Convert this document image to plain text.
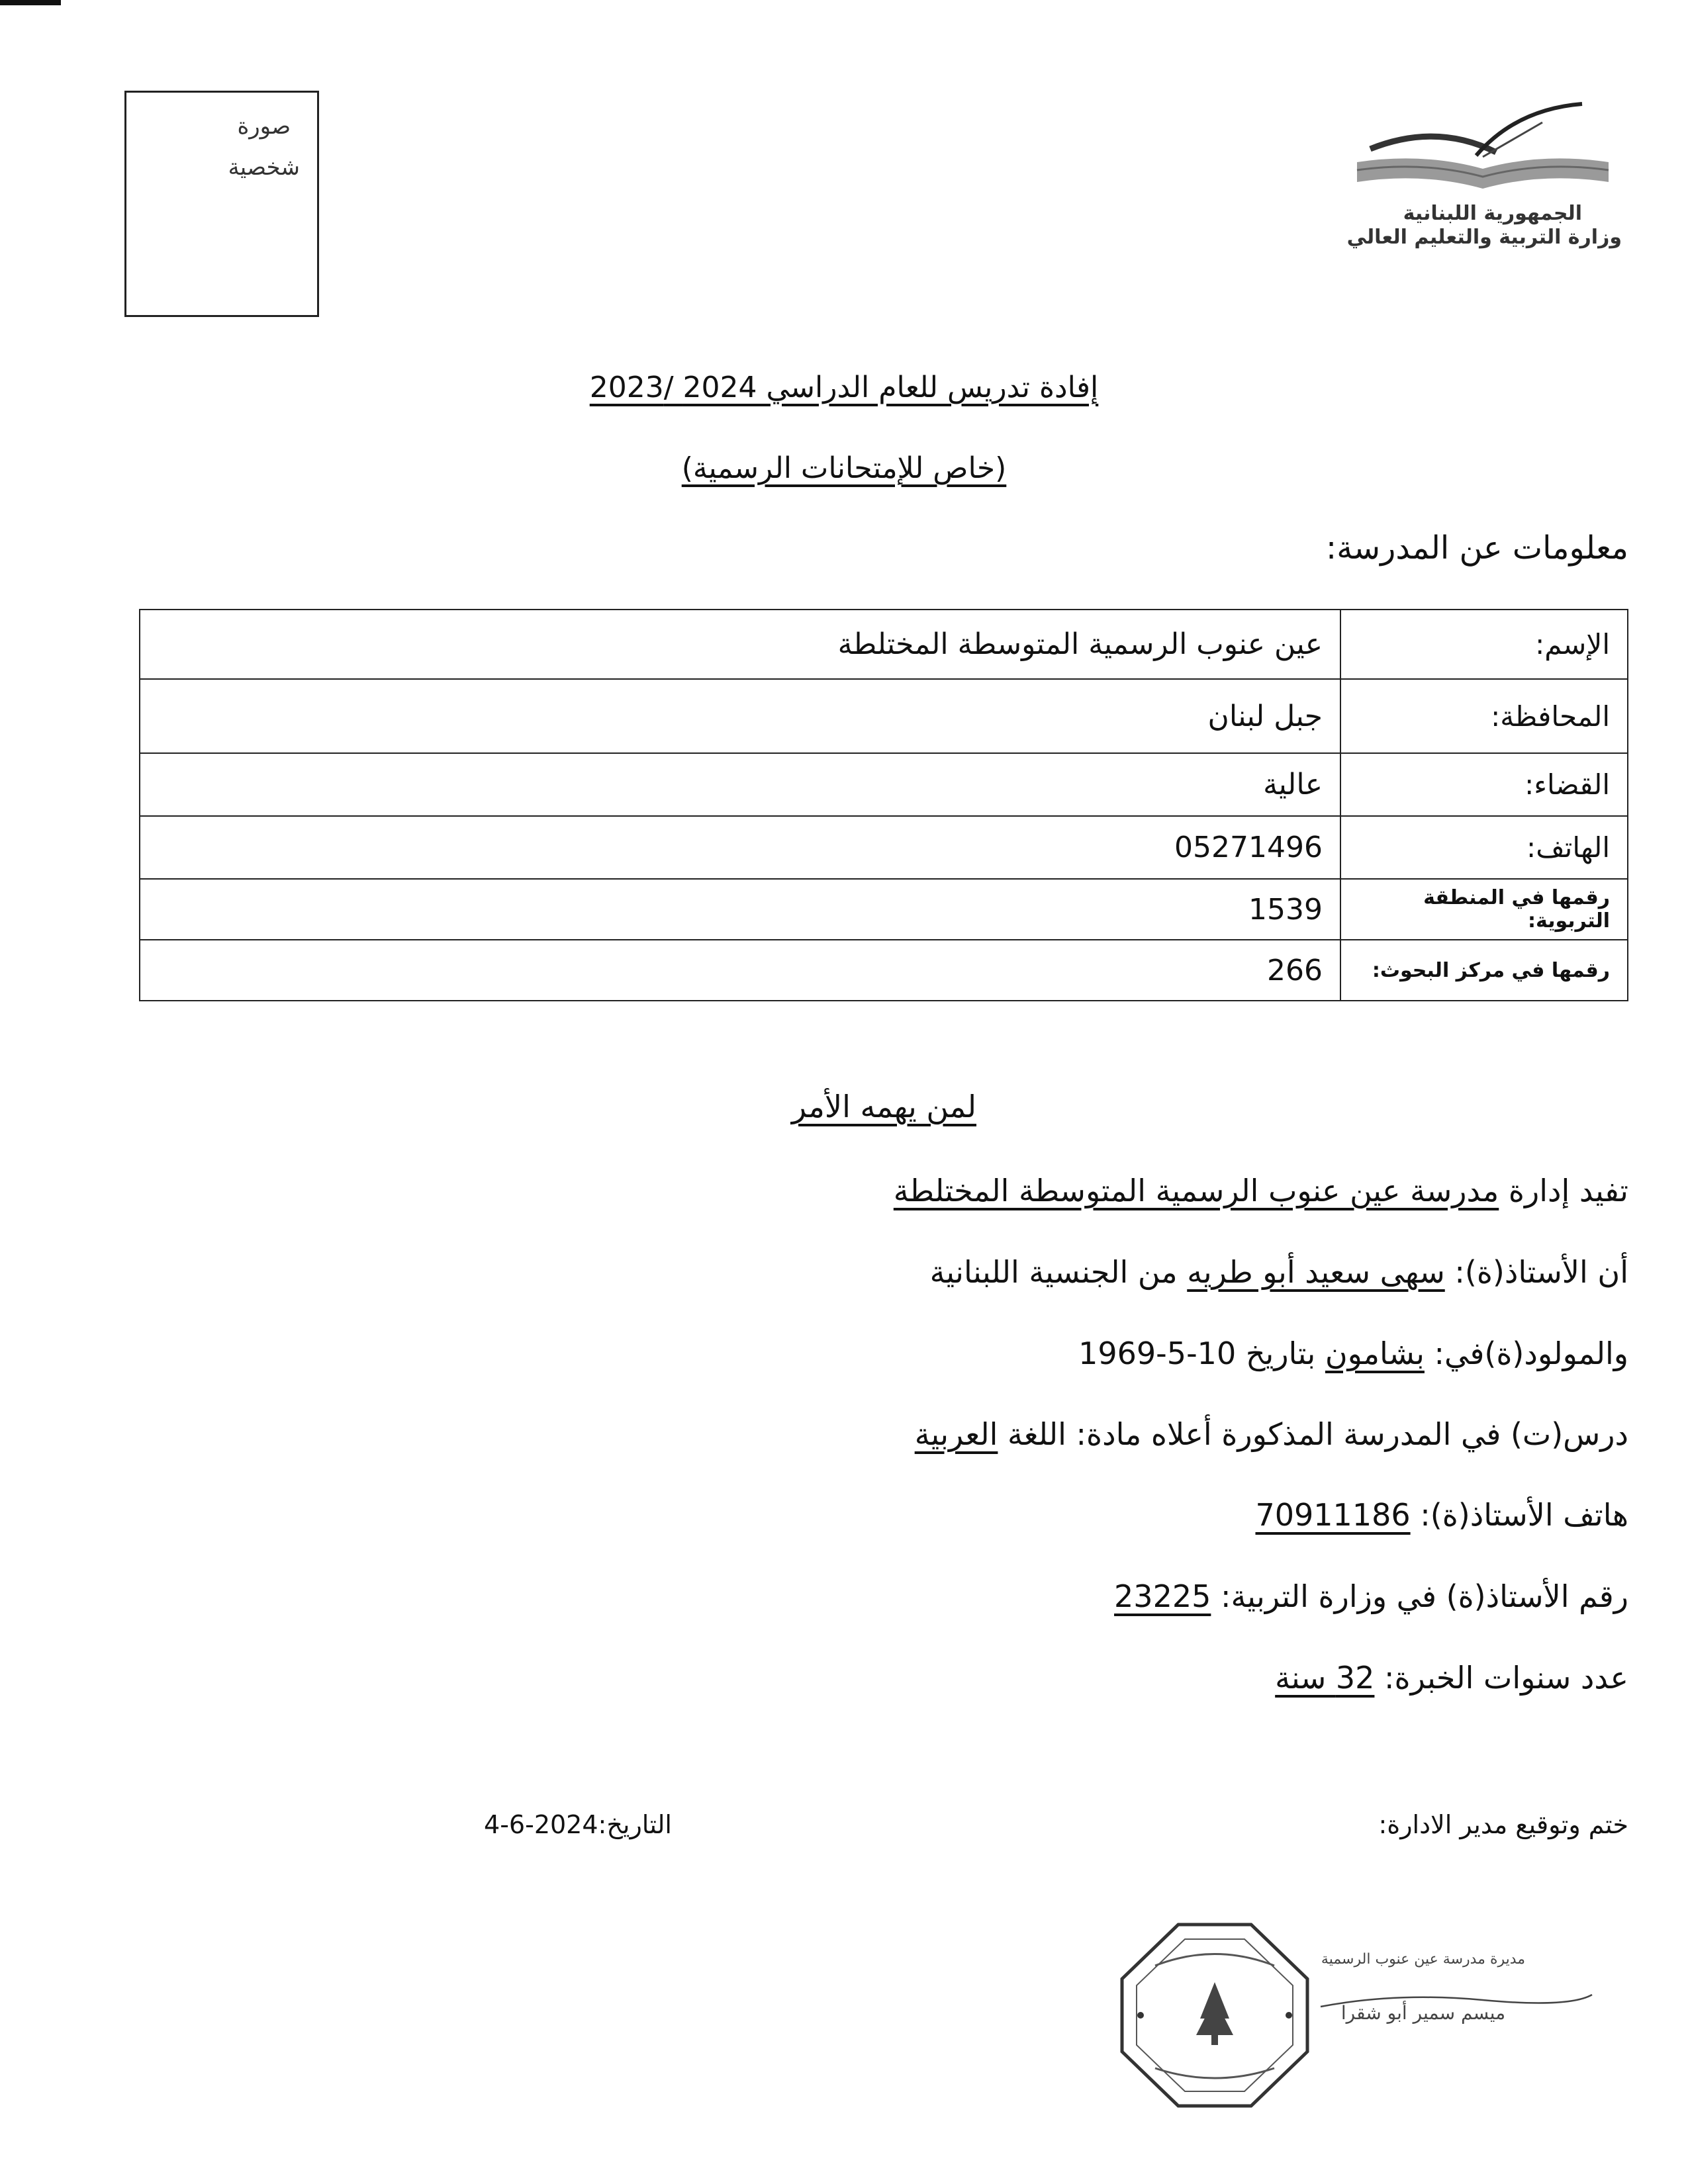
صورة
شخصية
الجمهورية اللبنانية
وزارة التربية والتعليم العالي
إفادة تدريس للعام الدراسي 2024 /2023
(خاص للإمتحانات الرسمية)
معلومات عن المدرسة:
الإسم:	عين عنوب الرسمية المتوسطة المختلطة
المحافظة:	جبل لبنان
القضاء:	عالية
الهاتف:	05271496
رقمها في المنطقة التربوية:	1539
رقمها في مركز البحوث:	266
لمن يهمه الأمر
تفيد إدارة مدرسة عين عنوب الرسمية المتوسطة المختلطة
أن الأستاذ(ة): سهى سعيد أبو طريه من الجنسية اللبنانية
والمولود(ة)في: بشامون بتاريخ 10-5-1969
درس(ت) في المدرسة المذكورة أعلاه مادة: اللغة العربية
هاتف الأستاذ(ة): 70911186
رقم الأستاذ(ة) في وزارة التربية: 23225
عدد سنوات الخبرة: 32 سنة
ختم وتوقيع مدير الادارة:
التاريخ:2024-6-4
مديرة مدرسة عين عنوب الرسمية
ميسم سمير أبو شقرا
